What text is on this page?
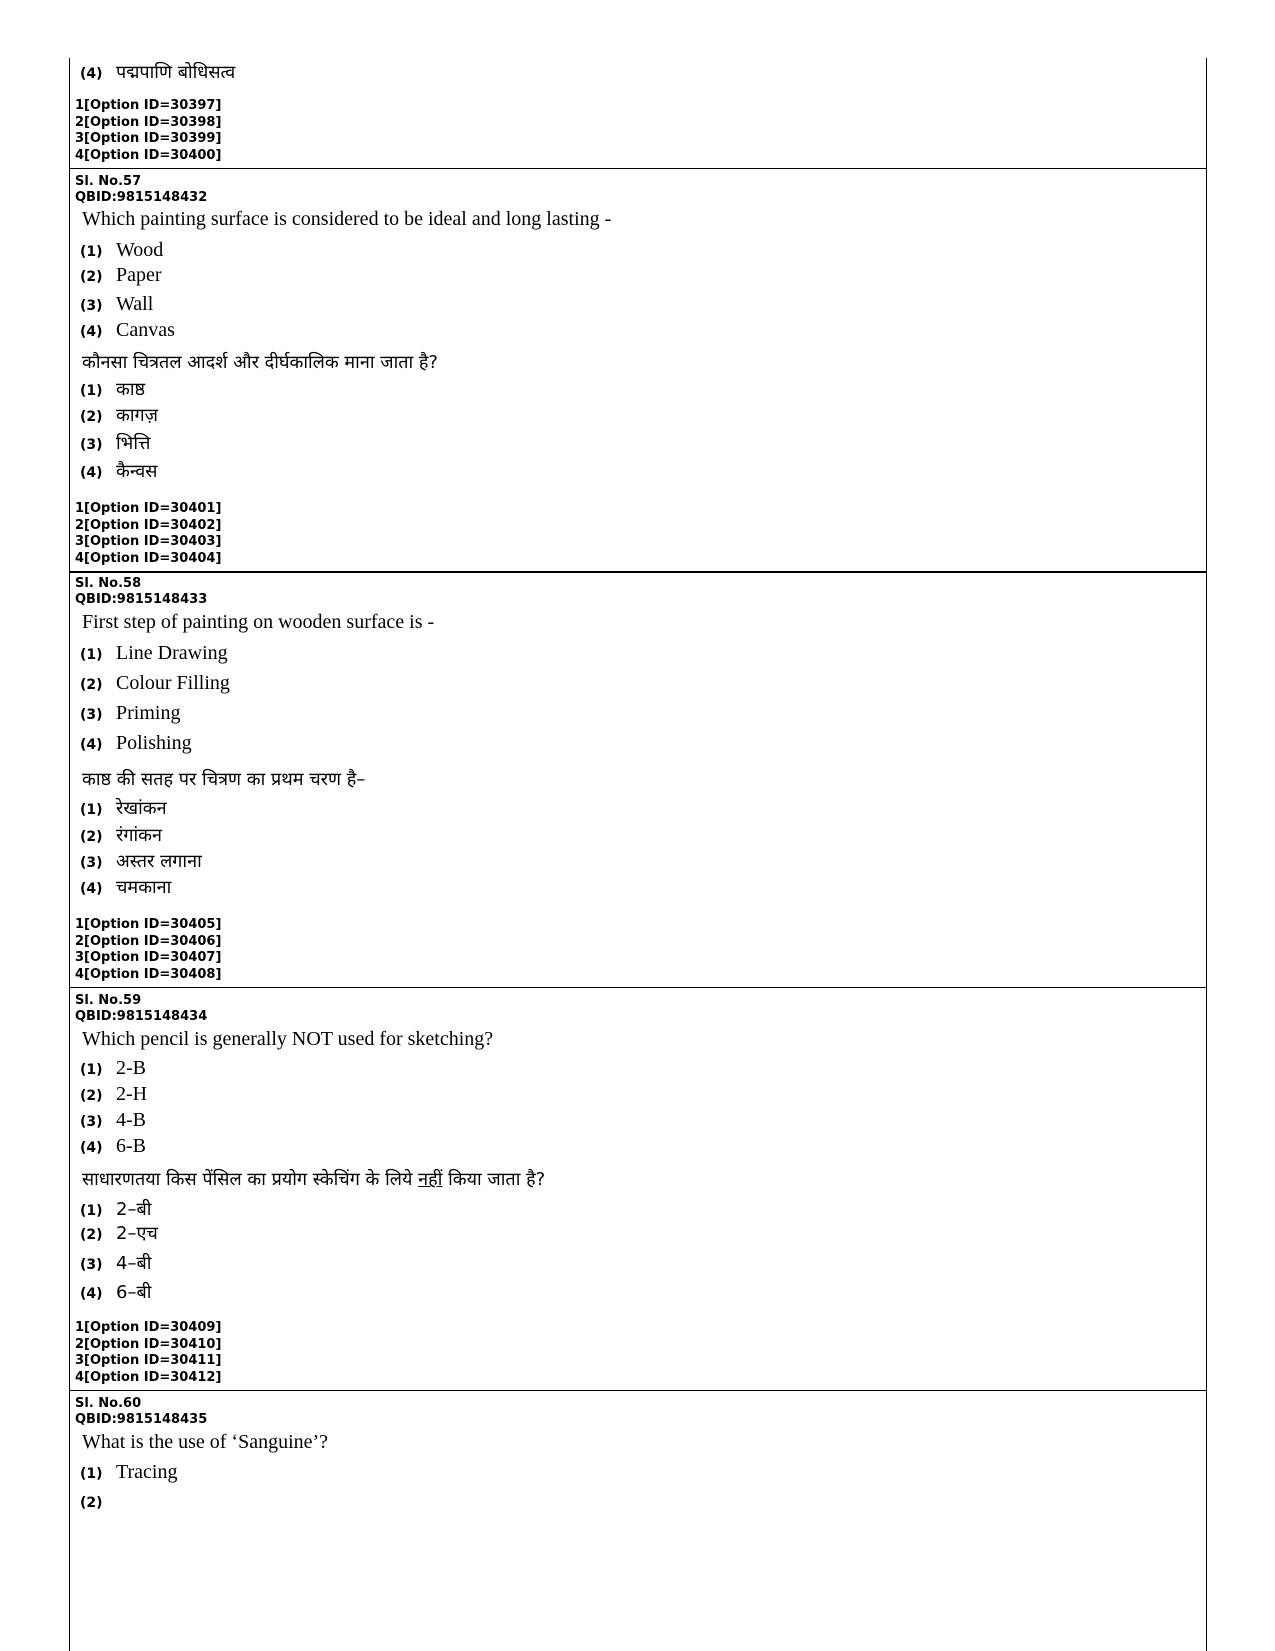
(4) पद्मपाणि बोधिसत्व
1[Option ID=30397]
2[Option ID=30398]
3[Option ID=30399]
4[Option ID=30400]
Sl. No.57
QBID:9815148432
Which painting surface is considered to be ideal and long lasting -
(1) Wood
(2) Paper
(3) Wall
(4) Canvas
कौनसा चित्रतल आदर्श और दीर्घकालिक माना जाता है?
(1) काष्ठ
(2) कागज़
(3) भित्ति
(4) कैन्वस
1[Option ID=30401]
2[Option ID=30402]
3[Option ID=30403]
4[Option ID=30404]
Sl. No.58
QBID:9815148433
First step of painting on wooden surface is -
(1) Line Drawing
(2) Colour Filling
(3) Priming
(4) Polishing
काष्ठ की सतह पर चित्रण का प्रथम चरण है–
(1) रेखांकन
(2) रंगांकन
(3) अस्तर लगाना
(4) चमकाना
1[Option ID=30405]
2[Option ID=30406]
3[Option ID=30407]
4[Option ID=30408]
Sl. No.59
QBID:9815148434
Which pencil is generally NOT used for sketching?
(1) 2-B
(2) 2-H
(3) 4-B
(4) 6-B
साधारणतया किस पेंसिल का प्रयोग स्केचिंग के लिये नहीं किया जाता है?
(1) 2–बी
(2) 2–एच
(3) 4–बी
(4) 6–बी
1[Option ID=30409]
2[Option ID=30410]
3[Option ID=30411]
4[Option ID=30412]
Sl. No.60
QBID:9815148435
What is the use of ‘Sanguine’?
(1) Tracing
(2)
